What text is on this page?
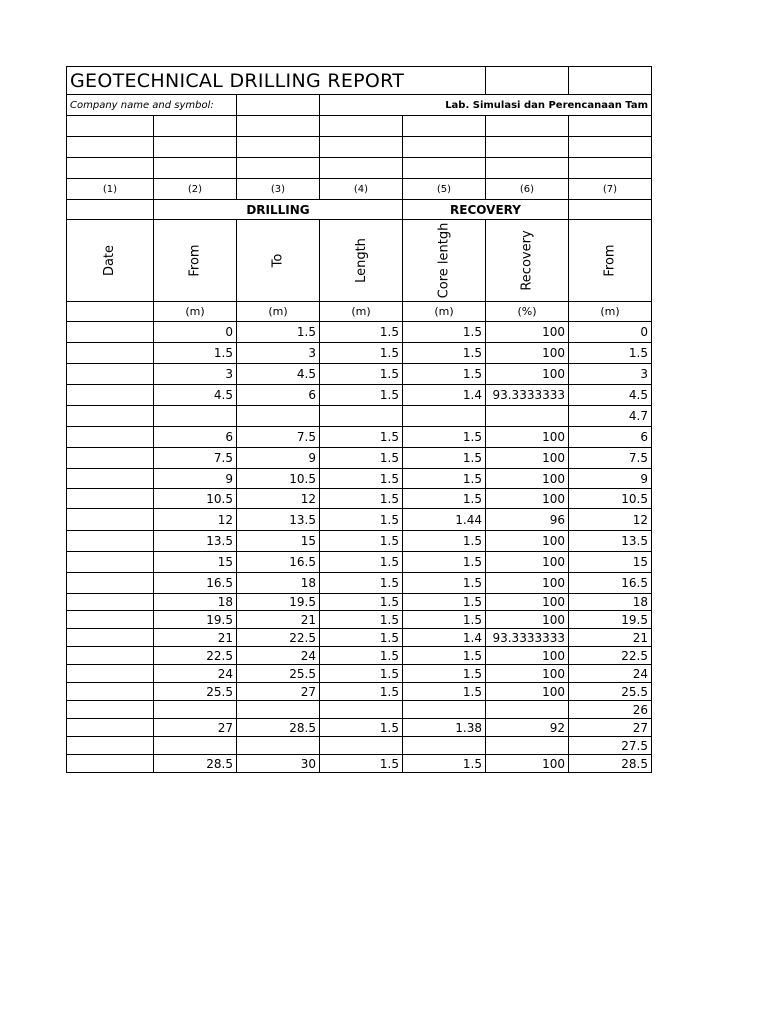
GEOTECHNICAL DRILLING REPORT						
Company name and symbol:			Lab. Simulasi dan Perencanaan Tam			

(1)	(2)	(3)	(4)	(5)	(6)	(7)
	DRILLING			RECOVERY		
Date	From	To	Length	Core lentgh	Recovery	From
	(m)	(m)	(m)	(m)	(%)	(m)
	0	1.5	1.5	1.5	100	0
	1.5	3	1.5	1.5	100	1.5
	3	4.5	1.5	1.5	100	3
	4.5	6	1.5	1.4	93.3333333	4.5
						4.7
	6	7.5	1.5	1.5	100	6
	7.5	9	1.5	1.5	100	7.5
	9	10.5	1.5	1.5	100	9
	10.5	12	1.5	1.5	100	10.5
	12	13.5	1.5	1.44	96	12
	13.5	15	1.5	1.5	100	13.5
	15	16.5	1.5	1.5	100	15
	16.5	18	1.5	1.5	100	16.5
	18	19.5	1.5	1.5	100	18
	19.5	21	1.5	1.5	100	19.5
	21	22.5	1.5	1.4	93.3333333	21
	22.5	24	1.5	1.5	100	22.5
	24	25.5	1.5	1.5	100	24
	25.5	27	1.5	1.5	100	25.5
						26
	27	28.5	1.5	1.38	92	27
						27.5
	28.5	30	1.5	1.5	100	28.5
